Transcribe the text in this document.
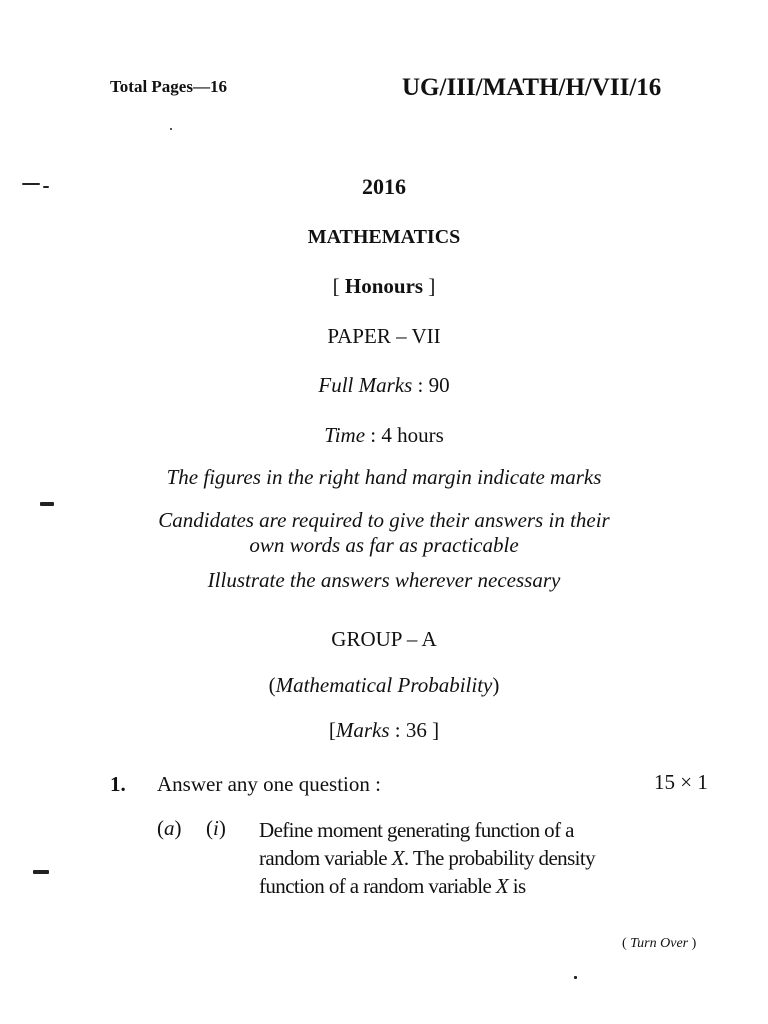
Total Pages—16	UG/III/MATH/H/VII/16
2016
MATHEMATICS
[ Honours ]
PAPER – VII
Full Marks : 90
Time : 4 hours
The figures in the right hand margin indicate marks
Candidates are required to give their answers in their
own words as far as practicable
Illustrate the answers wherever necessary
GROUP – A
(Mathematical Probability)
[Marks : 36 ]
1. Answer any one question :	15 × 1
(a) (i) Define moment generating function of a
random variable X. The probability density
function of a random variable X is
( Turn Over )
